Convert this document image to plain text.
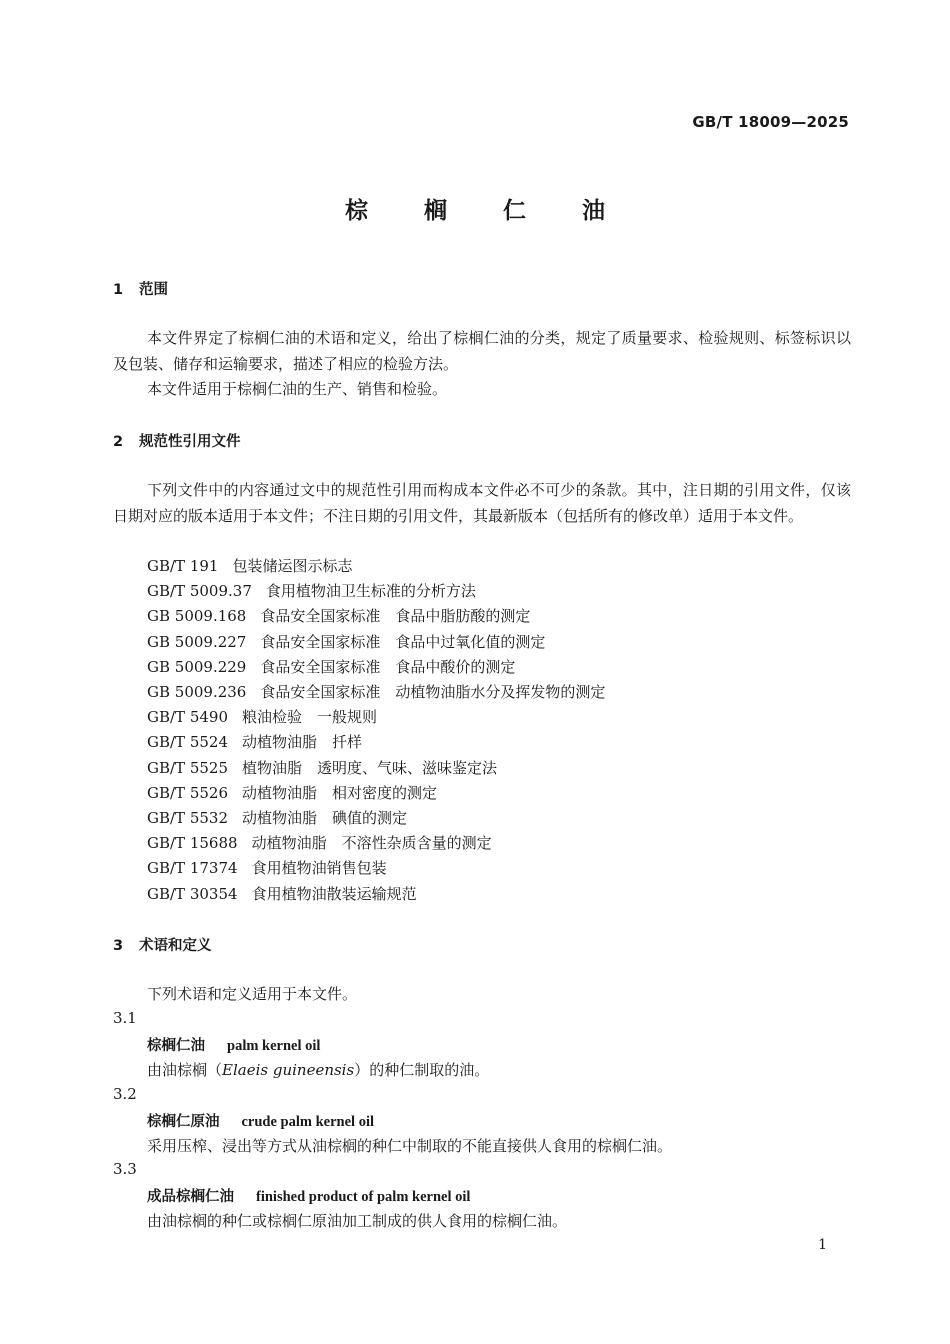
GB/T 18009—2025
棕 榈 仁 油
1 范围
本文件界定了棕榈仁油的术语和定义，给出了棕榈仁油的分类，规定了质量要求、检验规则、标签标识以及包装、储存和运输要求，描述了相应的检验方法。
本文件适用于棕榈仁油的生产、销售和检验。
2 规范性引用文件
下列文件中的内容通过文中的规范性引用而构成本文件必不可少的条款。其中，注日期的引用文件，仅该日期对应的版本适用于本文件；不注日期的引用文件，其最新版本（包括所有的修改单）适用于本文件。
GB/T 191 包装储运图示标志
GB/T 5009.37 食用植物油卫生标准的分析方法
GB 5009.168 食品安全国家标准　食品中脂肪酸的测定
GB 5009.227 食品安全国家标准　食品中过氧化值的测定
GB 5009.229 食品安全国家标准　食品中酸价的测定
GB 5009.236 食品安全国家标准　动植物油脂水分及挥发物的测定
GB/T 5490 粮油检验　一般规则
GB/T 5524 动植物油脂　扦样
GB/T 5525 植物油脂　透明度、气味、滋味鉴定法
GB/T 5526 动植物油脂　相对密度的测定
GB/T 5532 动植物油脂　碘值的测定
GB/T 15688 动植物油脂　不溶性杂质含量的测定
GB/T 17374 食用植物油销售包装
GB/T 30354 食用植物油散装运输规范
3 术语和定义
下列术语和定义适用于本文件。
3.1
棕榈仁油 palm kernel oil
由油棕榈（Elaeis guineensis）的种仁制取的油。
3.2
棕榈仁原油 crude palm kernel oil
采用压榨、浸出等方式从油棕榈的种仁中制取的不能直接供人食用的棕榈仁油。
3.3
成品棕榈仁油 finished product of palm kernel oil
由油棕榈的种仁或棕榈仁原油加工制成的供人食用的棕榈仁油。
1
